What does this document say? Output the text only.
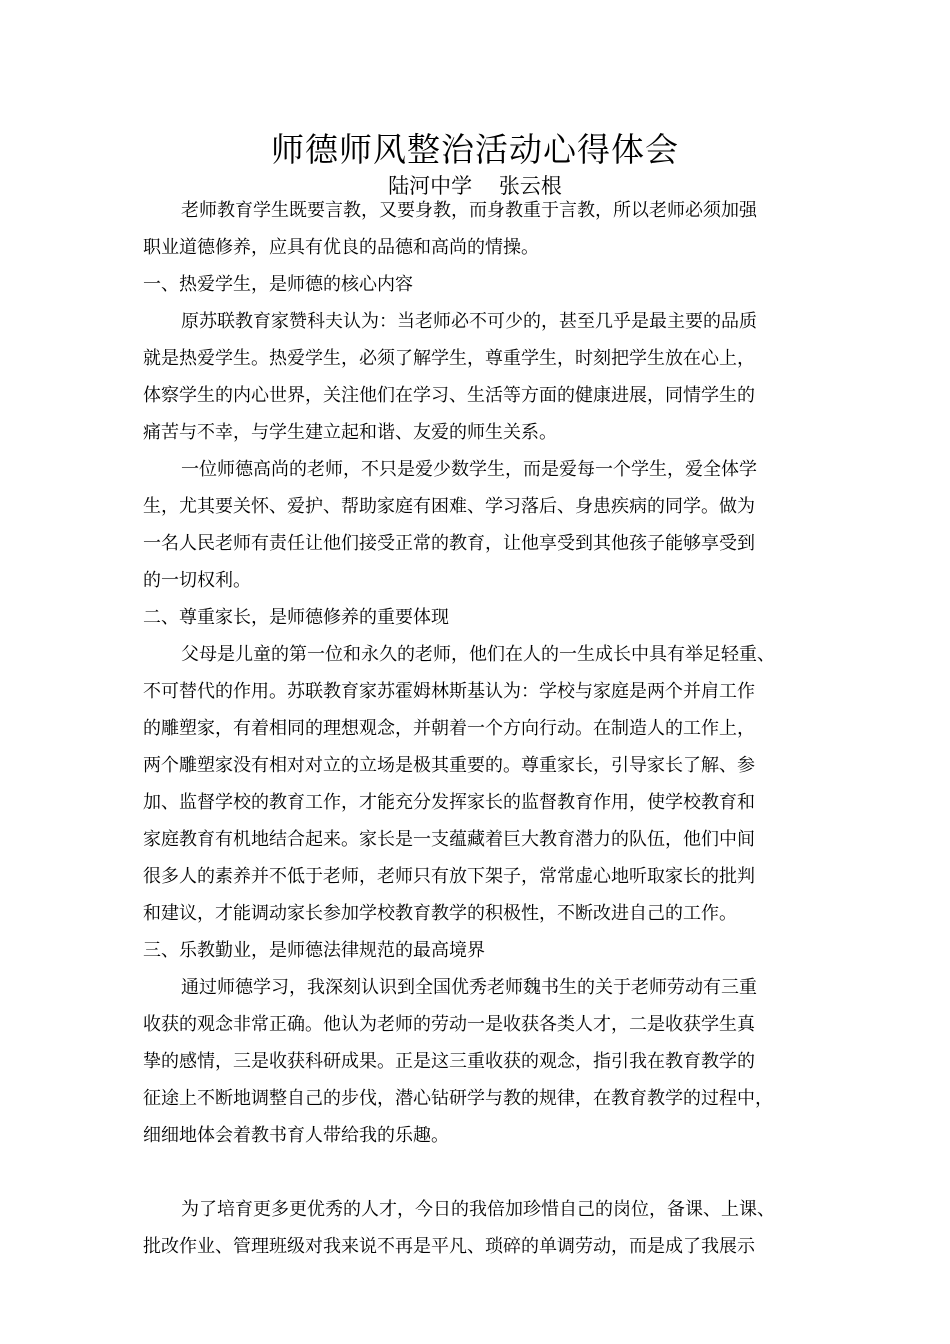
师德师风整治活动心得体会
陆河中学    张云根
老师教育学生既要言教，又要身教，而身教重于言教，所以老师必须加强
职业道德修养，应具有优良的品德和高尚的情操。
一、热爱学生，是师德的核心内容
原苏联教育家赞科夫认为：当老师必不可少的，甚至几乎是最主要的品质
就是热爱学生。热爱学生，必须了解学生，尊重学生，时刻把学生放在心上，
体察学生的内心世界，关注他们在学习、生活等方面的健康进展，同情学生的
痛苦与不幸，与学生建立起和谐、友爱的师生关系。
一位师德高尚的老师，不只是爱少数学生，而是爱每一个学生，爱全体学
生，尤其要关怀、爱护、帮助家庭有困难、学习落后、身患疾病的同学。做为
一名人民老师有责任让他们接受正常的教育，让他享受到其他孩子能够享受到
的一切权利。
二、尊重家长，是师德修养的重要体现
父母是儿童的第一位和永久的老师，他们在人的一生成长中具有举足轻重、
不可替代的作用。苏联教育家苏霍姆林斯基认为：学校与家庭是两个并肩工作
的雕塑家，有着相同的理想观念，并朝着一个方向行动。在制造人的工作上，
两个雕塑家没有相对对立的立场是极其重要的。尊重家长，引导家长了解、参
加、监督学校的教育工作，才能充分发挥家长的监督教育作用，使学校教育和
家庭教育有机地结合起来。家长是一支蕴藏着巨大教育潜力的队伍，他们中间
很多人的素养并不低于老师，老师只有放下架子，常常虚心地听取家长的批判
和建议，才能调动家长参加学校教育教学的积极性，不断改进自己的工作。
三、乐教勤业，是师德法律规范的最高境界
通过师德学习，我深刻认识到全国优秀老师魏书生的关于老师劳动有三重
收获的观念非常正确。他认为老师的劳动一是收获各类人才，二是收获学生真
挚的感情，三是收获科研成果。正是这三重收获的观念，指引我在教育教学的
征途上不断地调整自己的步伐，潜心钻研学与教的规律，在教育教学的过程中，
细细地体会着教书育人带给我的乐趣。
为了培育更多更优秀的人才，今日的我倍加珍惜自己的岗位，备课、上课、
批改作业、管理班级对我来说不再是平凡、琐碎的单调劳动，而是成了我展示
